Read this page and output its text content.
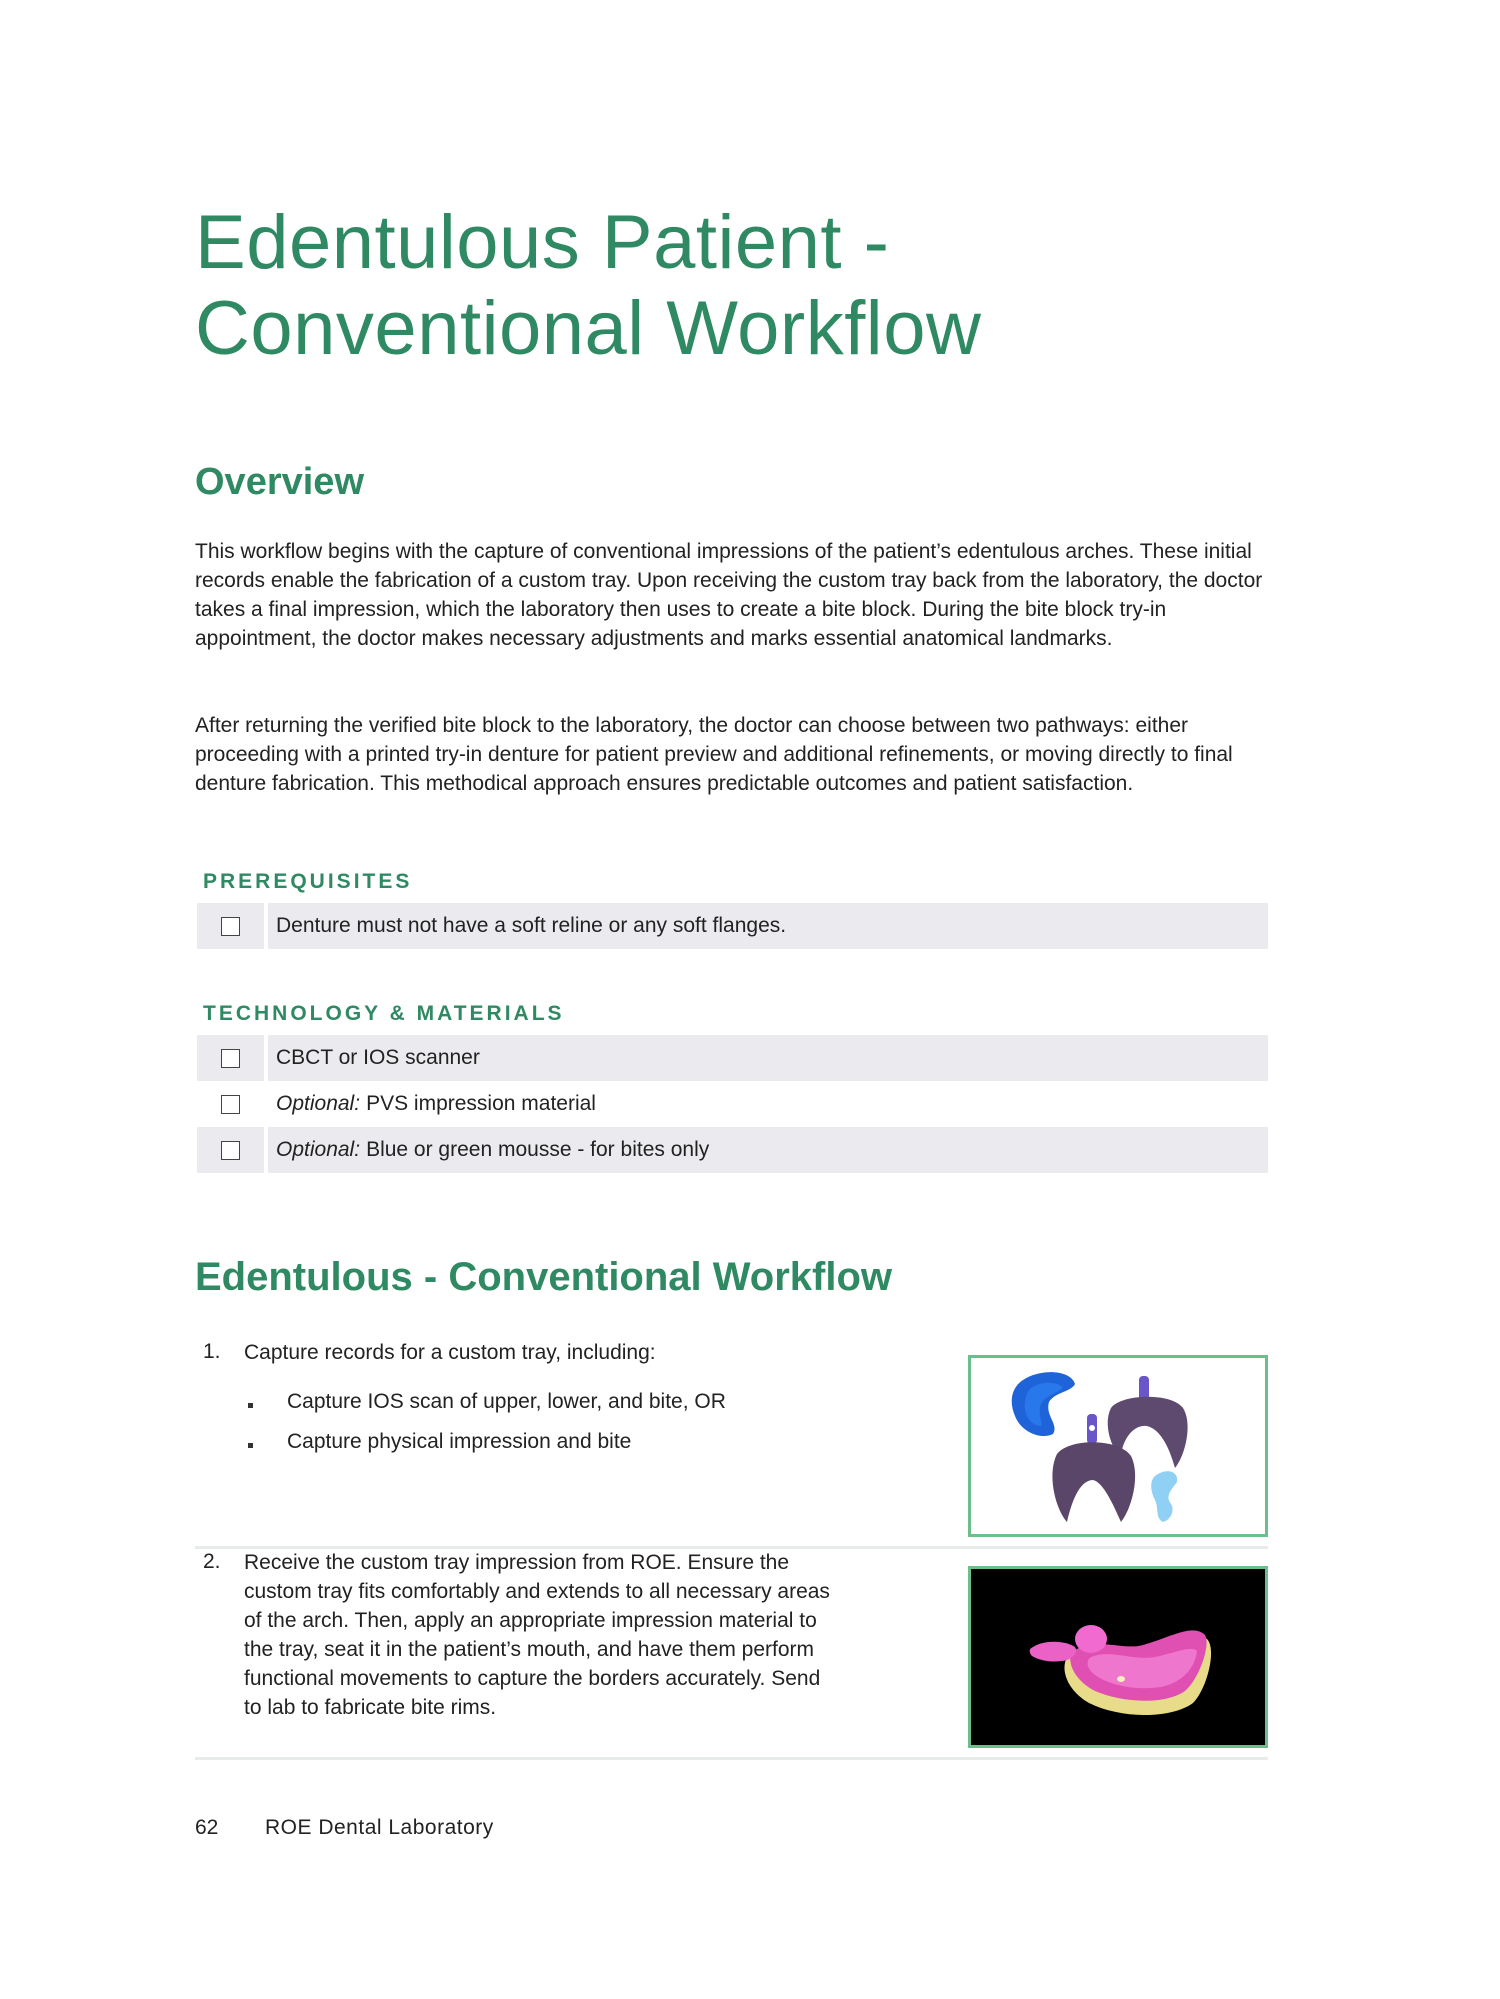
Edentulous Patient -
Conventional Workflow
Overview

This workflow begins with the capture of conventional impressions of the patient’s edentulous arches. These initial records enable the fabrication of a custom tray. Upon receiving the custom tray back from the laboratory, the doctor takes a final impression, which the laboratory then uses to create a bite block. During the bite block try-in appointment, the doctor makes necessary adjustments and marks essential anatomical landmarks.

After returning the verified bite block to the laboratory, the doctor can choose between two pathways: either proceeding with a printed try-in denture for patient preview and additional refinements, or moving directly to final denture fabrication. This methodical approach ensures predictable outcomes and patient satisfaction.

PREREQUISITES
Denture must not have a soft reline or any soft flanges.
TECHNOLOGY & MATERIALS
CBCT or IOS scanner
Optional: PVS impression material
Optional: Blue or green mousse - for bites only
Edentulous - Conventional Workflow
1. Capture records for a custom tray, including:
Capture IOS scan of upper, lower, and bite, OR
Capture physical impression and bite
2. Receive the custom tray impression from ROE. Ensure the
custom tray fits comfortably and extends to all necessary areas
of the arch. Then, apply an appropriate impression material to
the tray, seat it in the patient’s mouth, and have them perform
functional movements to capture the borders accurately. Send
to lab to fabricate bite rims.
62 ROE Dental Laboratory
